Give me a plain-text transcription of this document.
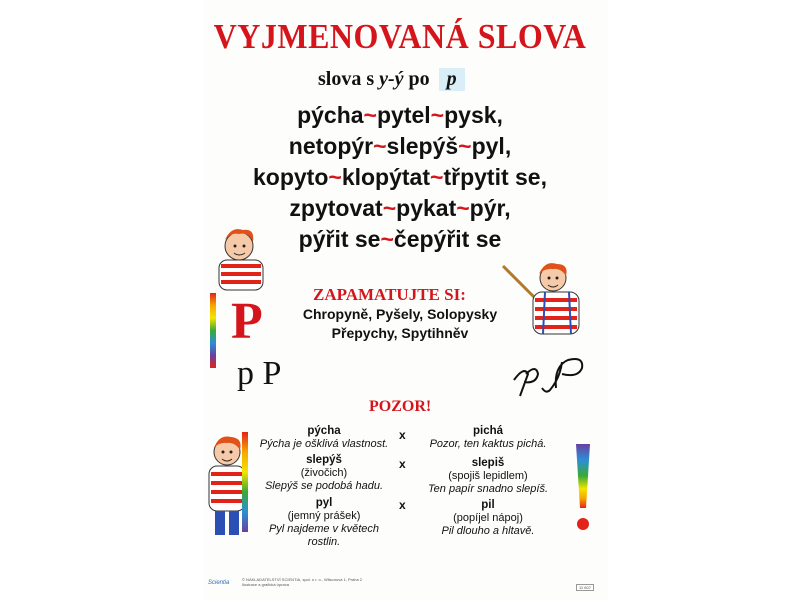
VYJMENOVANÁ SLOVA
slova s y-ý po p
pýcha~pytel~pysk,
netopýr~slepýš~pyl,
kopyto~klopýtat~třpytit se,
zpytovat~pykat~pýr,
pýřit se~čepýřit se
P
p P
ZAPAMATUJTE SI:
Chropyně, Pyšely, Solopysky
Přepychy, Spytihněv
POZOR!
pýcha
Pýcha je ošklivá vlastnost.
x	pichá
Pozor, ten kaktus pichá.
slepýš
(živočich)
Slepýš se podobá hadu.
x	slepiš
(spojiš lepidlem)
Ten papír snadno slepíš.
pyl
(jemný prášek)
Pyl najdeme v květech rostlin.
x	pil
(popíjel nápoj)
Pil dlouho a hltavě.
Scientia
© NAKLADATELSTVÍ SCIENTIA, spol. s r. o., Wilsonova 1, Praha 2
Ilustrace a grafická úprava
11 607
